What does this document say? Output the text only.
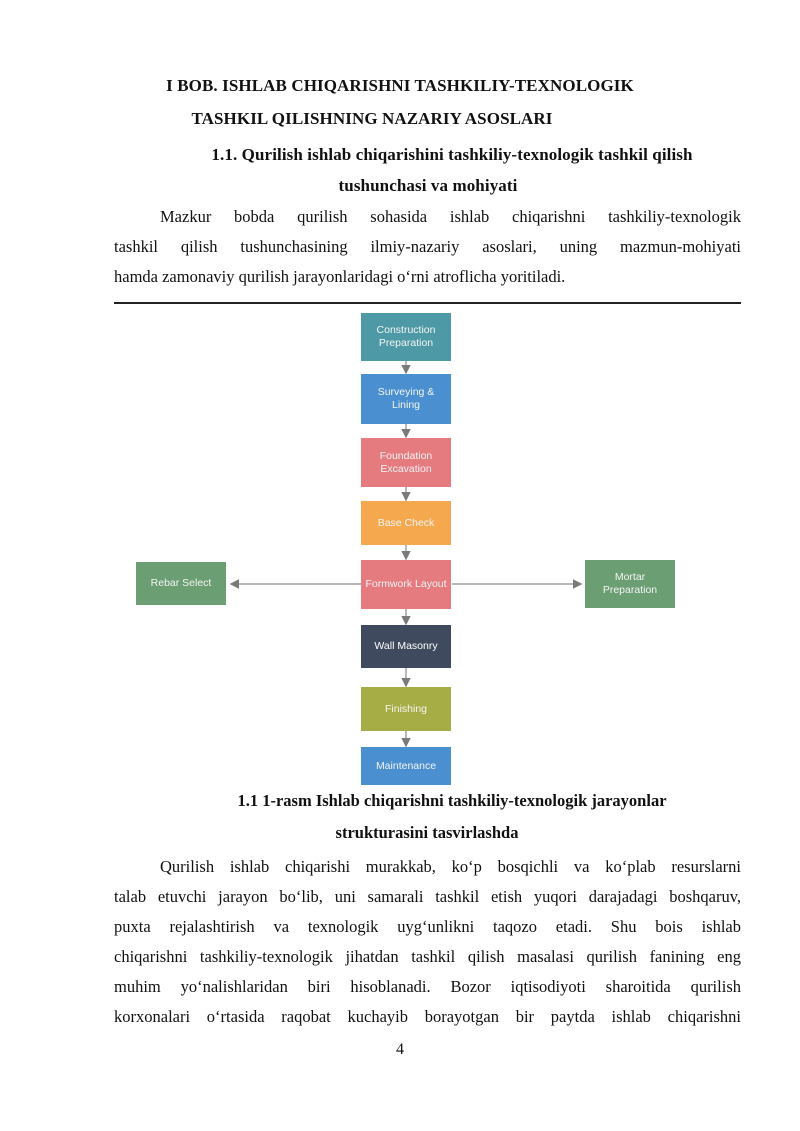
I BOB. ISHLAB CHIQARISHNI TASHKILIY-TEXNOLOGIK
TASHKIL QILISHNING NAZARIY ASOSLARI
1.1. Qurilish ishlab chiqarishini tashkiliy-texnologik tashkil qilish
tushunchasi va mohiyati
Mazkur bobda qurilish sohasida ishlab chiqarishni tashkiliy-texnologik
tashkil qilish tushunchasining ilmiy-nazariy asoslari, uning mazmun-mohiyati
hamda zamonaviy qurilish jarayonlaridagi o‘rni atroflicha yoritiladi.
Construction Preparation
Surveying & Lining
Foundation Excavation
Base Check
Formwork Layout
Wall Masonry
Finishing
Maintenance
Rebar Select	Mortar Preparation
1.1 1-rasm Ishlab chiqarishni tashkiliy-texnologik jarayonlar
strukturasini tasvirlashda
Qurilish ishlab chiqarishi murakkab, ko‘p bosqichli va ko‘plab resurslarni
talab etuvchi jarayon bo‘lib, uni samarali tashkil etish yuqori darajadagi boshqaruv,
puxta rejalashtirish va texnologik uyg‘unlikni taqozo etadi. Shu bois ishlab
chiqarishni tashkiliy-texnologik jihatdan tashkil qilish masalasi qurilish fanining eng
muhim yo‘nalishlaridan biri hisoblanadi. Bozor iqtisodiyoti sharoitida qurilish
korxonalari o‘rtasida raqobat kuchayib borayotgan bir paytda ishlab chiqarishni
4
